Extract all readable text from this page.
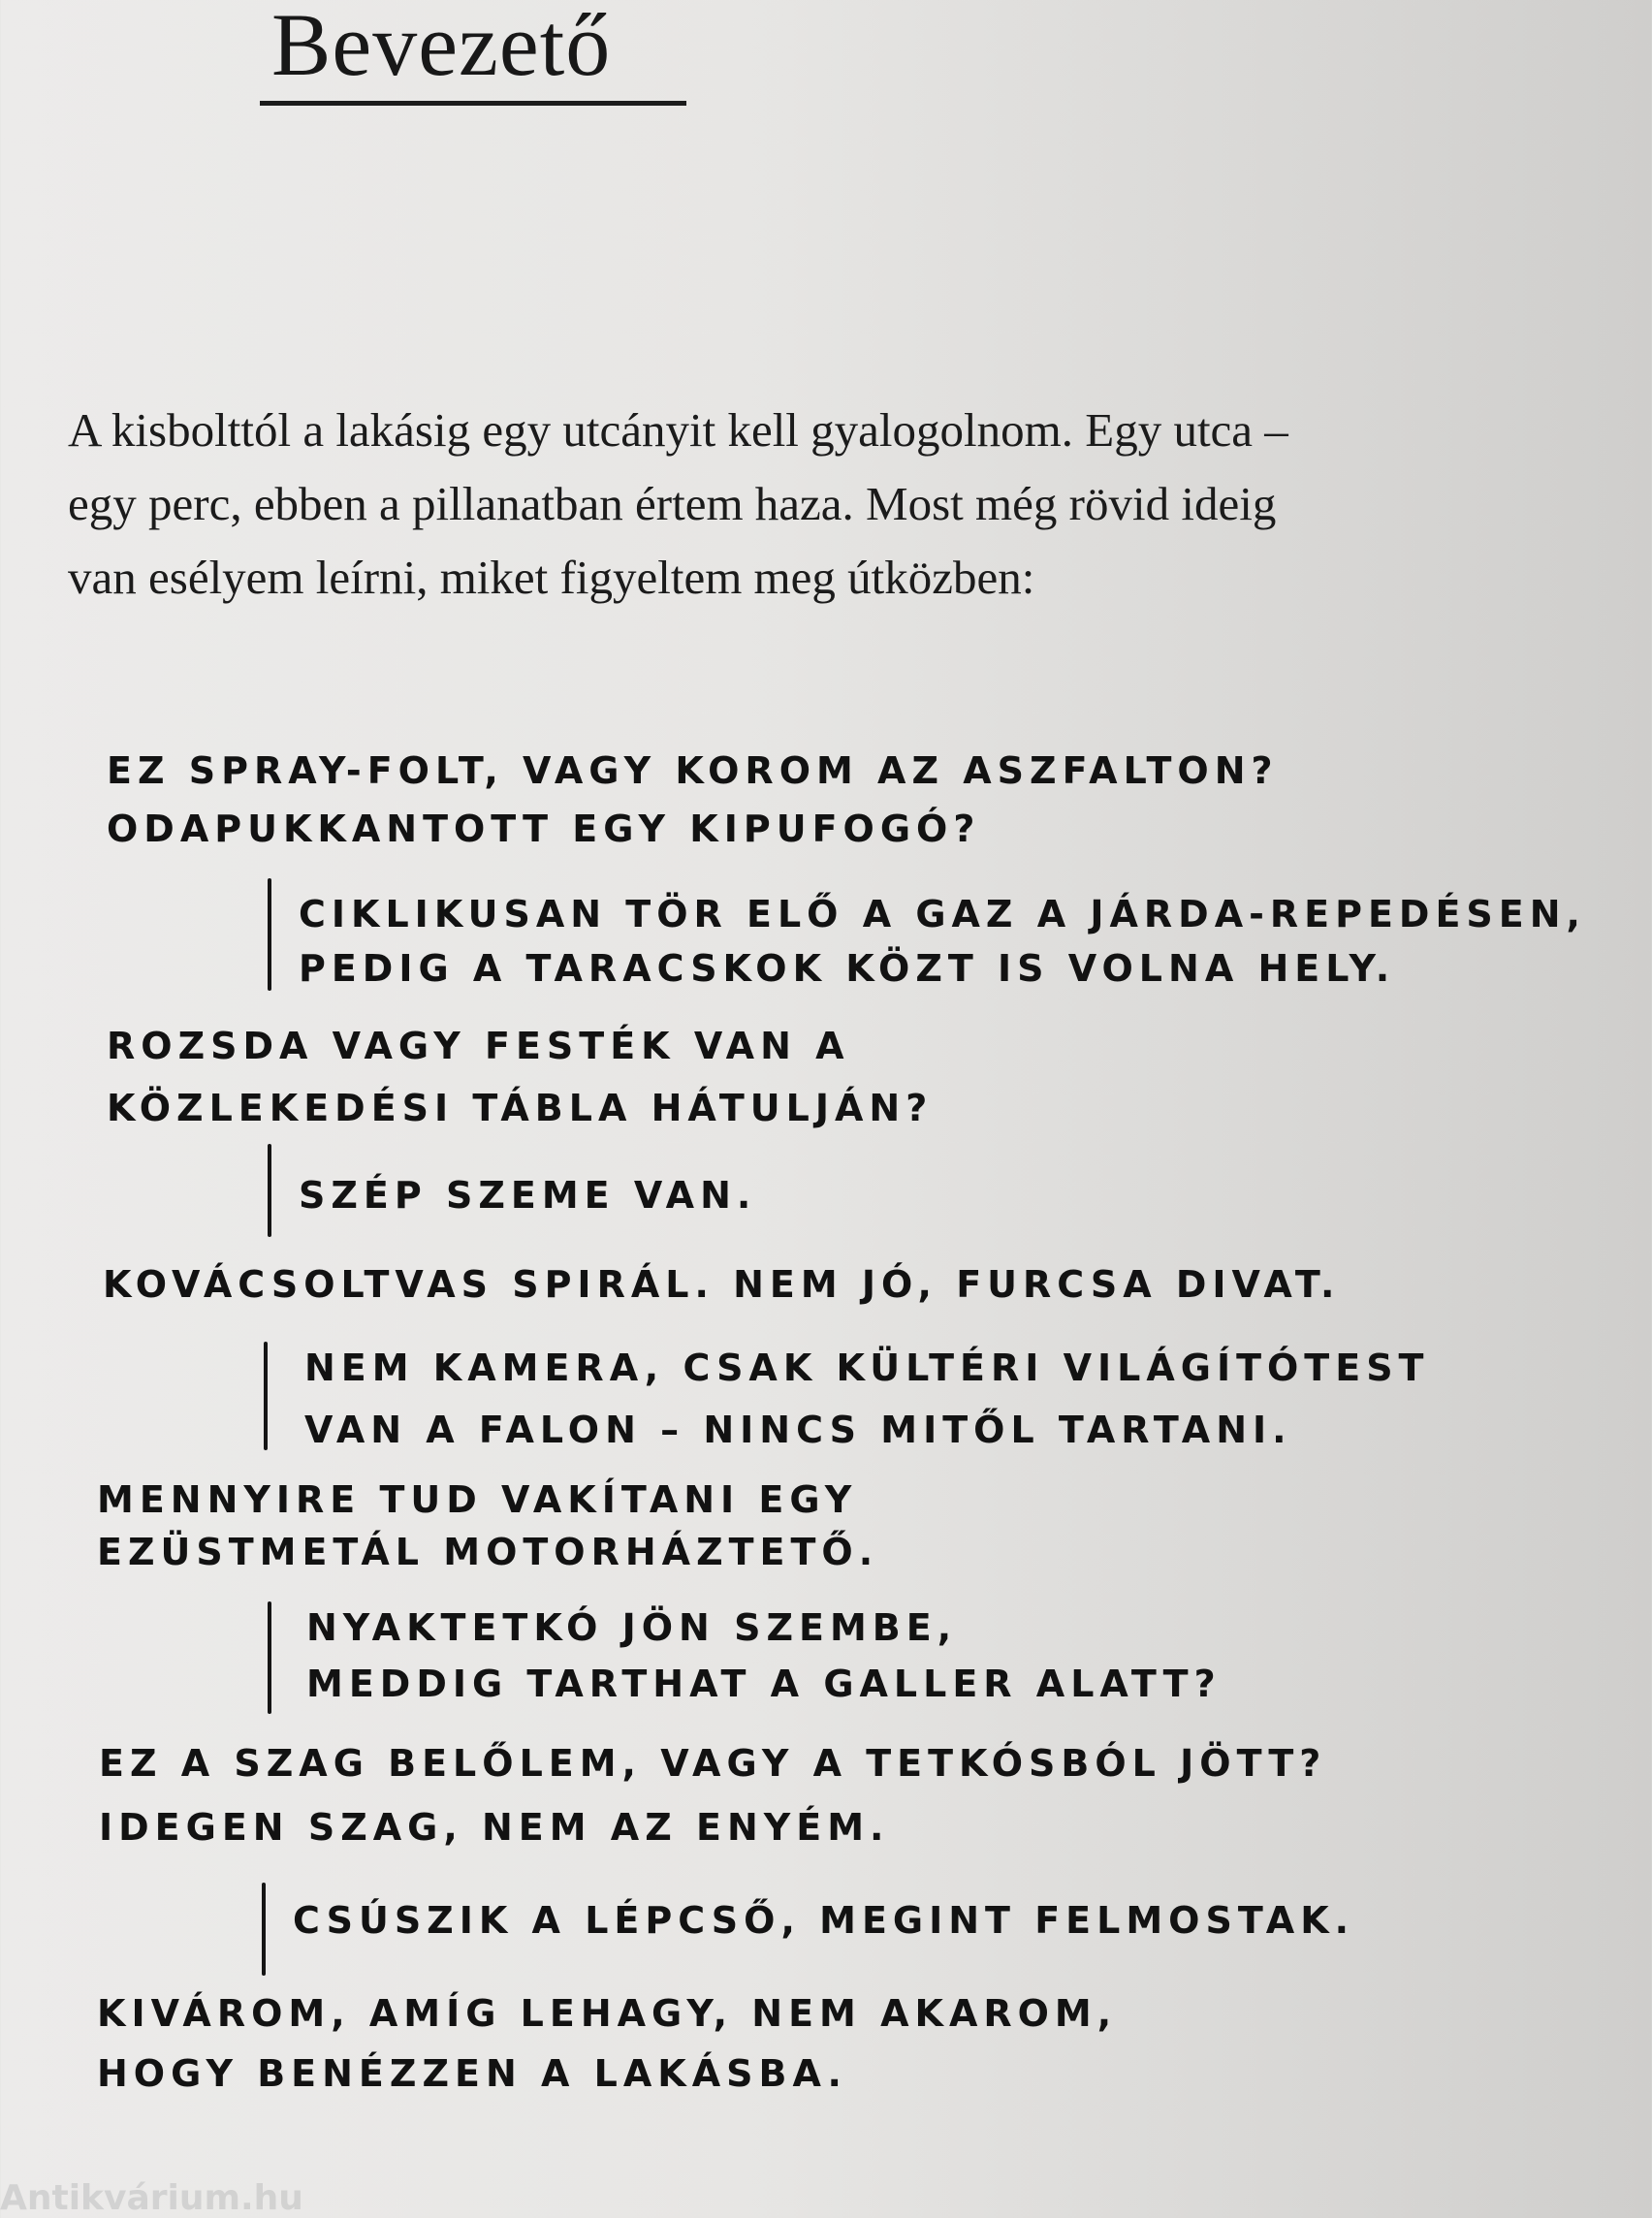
Bevezető

A kisbolttól a lakásig egy utcányit kell gyalogolnom. Egy utca –

egy perc, ebben a pillanatban értem haza. Most még rövid ideig

van esélyem leírni, miket figyeltem meg útközben:

EZ SPRAY-FOLT, VAGY KOROM AZ ASZFALTON?
ODAPUKKANTOTT EGY KIPUFOGÓ?
CIKLIKUSAN TÖR ELŐ A GAZ A JÁRDA-REPEDÉSEN,
PEDIG A TARACSKOK KÖZT IS VOLNA HELY.
ROZSDA VAGY FESTÉK VAN A
KÖZLEKEDÉSI TÁBLA HÁTULJÁN?
SZÉP SZEME VAN.
KOVÁCSOLTVAS SPIRÁL. NEM JÓ, FURCSA DIVAT.
NEM KAMERA, CSAK KÜLTÉRI VILÁGÍTÓTEST
VAN A FALON – NINCS MITŐL TARTANI.
MENNYIRE TUD VAKÍTANI EGY
EZÜSTMETÁL MOTORHÁZTETŐ.
NYAKTETKÓ JÖN SZEMBE,
MEDDIG TARTHAT A GALLER ALATT?
EZ A SZAG BELŐLEM, VAGY A TETKÓSBÓL JÖTT?
IDEGEN SZAG, NEM AZ ENYÉM.
CSÚSZIK A LÉPCSŐ, MEGINT FELMOSTAK.
KIVÁROM, AMÍG LEHAGY, NEM AKAROM,
HOGY BENÉZZEN A LAKÁSBA.
Antikvárium.hu
